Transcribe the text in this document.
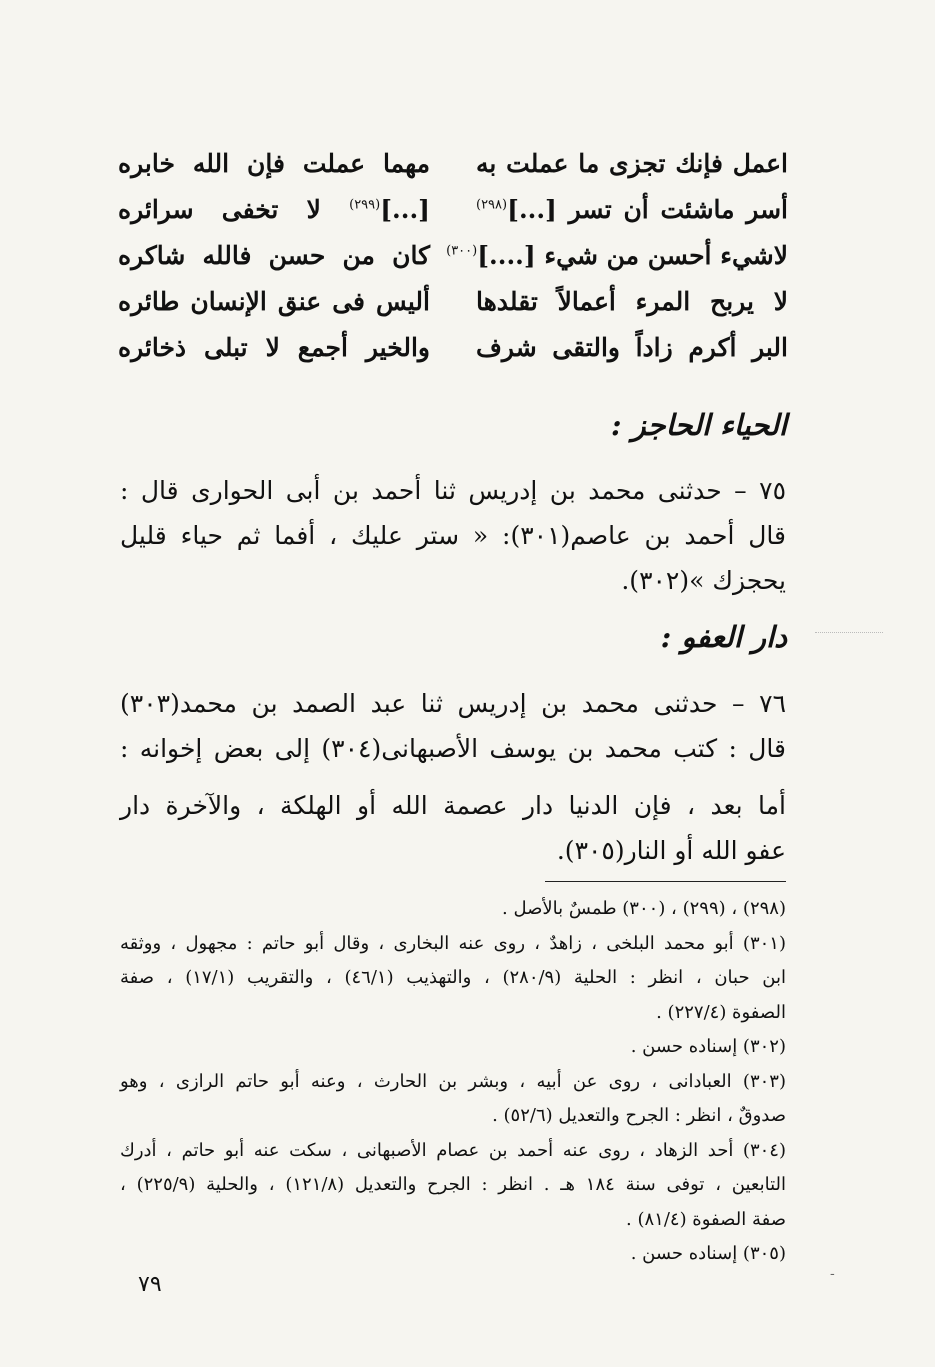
اعمل فإنك تجزى ما عملت به
مهما عملت فإن الله خابره
أسر ماشئت أن تسر [...]$^{(٢٩٨)}$
[...]$^{(٢٩٩)}$ لا تخفى سرائره
لاشيء أحسن من شيء [....]$^{(٣٠٠)}$
كان من حسن فالله شاكره
لا يربح المرء أعمالاً تقلدها
أليس فى عنق الإنسان طائره
البر أكرم زاداً والتقى شرف
والخير أجمع لا تبلى ذخائره
الحياء الحاجز :
٧٥ – حدثنى محمد بن إدريس ثنا أحمد بن أبى الحوارى قال :
قال أحمد بن عاصم(٣٠١): « ستر عليك ، أفما ثم حياء قليل
يحجزك »(٣٠٢).
دار العفو :
٧٦ – حدثنى محمد بن إدريس ثنا عبد الصمد بن محمد(٣٠٣)
قال : كتب محمد بن يوسف الأصبهانى(٣٠٤) إلى بعض إخوانه :
أما بعد ، فإن الدنيا دار عصمة الله أو الهلكة ، والآخرة دار
عفو الله أو النار(٣٠٥).
(٢٩٨) ، (٢٩٩) ، (٣٠٠) طمسٌ بالأصل .
(٣٠١) أبو محمد البلخى ، زاهدٌ ، روى عنه البخارى ، وقال أبو حاتم : مجهول ، ووثقه
ابن حبان ، انظر : الحلية (٢٨٠/٩) ، والتهذيب (٤٦/١) ، والتقريب (١٧/١) ، صفة
الصفوة (٢٢٧/٤) .
(٣٠٢) إسناده حسن .
(٣٠٣) العبادانى ، روى عن أبيه ، وبشر بن الحارث ، وعنه أبو حاتم الرازى ، وهو
صدوقٌ ، انظر : الجرح والتعديل (٥٢/٦) .
(٣٠٤) أحد الزهاد ، روى عنه أحمد بن عصام الأصبهانى ، سكت عنه أبو حاتم ، أدرك
التابعين ، توفى سنة ١٨٤ هـ . انظر : الجرح والتعديل (١٢١/٨) ، والحلية (٢٢٥/٩) ،
صفة الصفوة (٨١/٤) .
(٣٠٥) إسناده حسن .
٧٩	-
